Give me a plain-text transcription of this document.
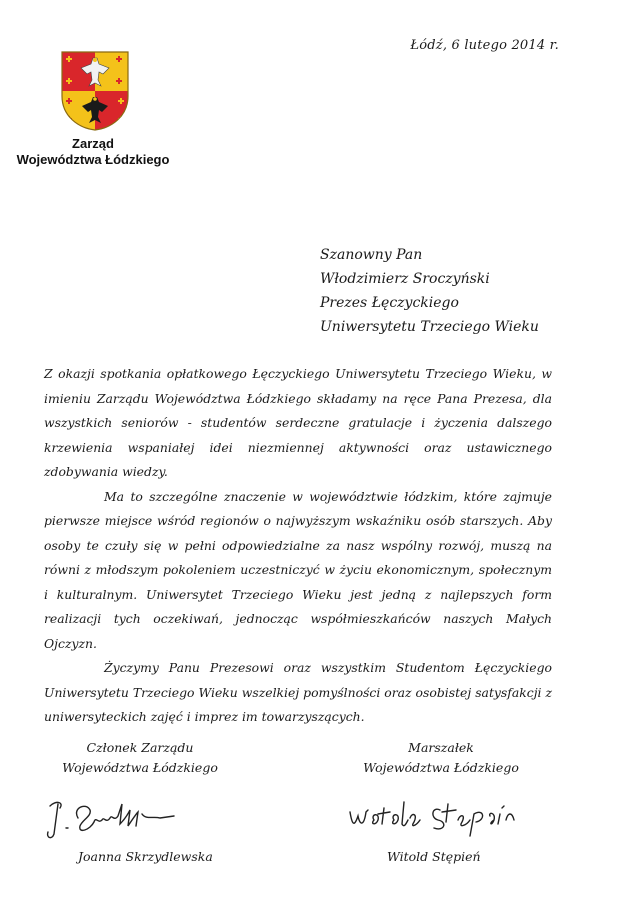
Łódź, 6 lutego 2014 r.
Zarząd
Województwa Łódzkiego
Szanowny Pan
Włodzimierz Sroczyński
Prezes Łęczyckiego
Uniwersytetu Trzeciego Wieku

Z okazji spotkania opłatkowego Łęczyckiego Uniwersytetu Trzeciego Wieku, w imieniu Zarządu Województwa Łódzkiego składamy na ręce Pana Prezesa, dla wszystkich seniorów - studentów serdeczne gratulacje i życzenia dalszego krzewienia wspaniałej idei niezmiennej aktywności oraz ustawicznego zdobywania wiedzy.

Ma to szczególne znaczenie w województwie łódzkim, które zajmuje pierwsze miejsce wśród regionów o najwyższym wskaźniku osób starszych. Aby osoby te czuły się w pełni odpowiedzialne za nasz wspólny rozwój, muszą na równi z młodszym pokoleniem uczestniczyć w życiu ekonomicznym, społecznym i kulturalnym. Uniwersytet Trzeciego Wieku jest jedną z najlepszych form realizacji tych oczekiwań, jednocząc współmieszkańców naszych Małych Ojczyzn.

Życzymy Panu Prezesowi oraz wszystkim Studentom Łęczyckiego Uniwersytetu Trzeciego Wieku wszelkiej pomyślności oraz osobistej satysfakcji z uniwersyteckich zajęć i imprez im towarzyszących.

Członek Zarządu
Województwa Łódzkiego
Marszałek
Województwa Łódzkiego
J. Skrzydlewska
Witold Stępień
Joanna Skrzydlewska	Witold Stępień
